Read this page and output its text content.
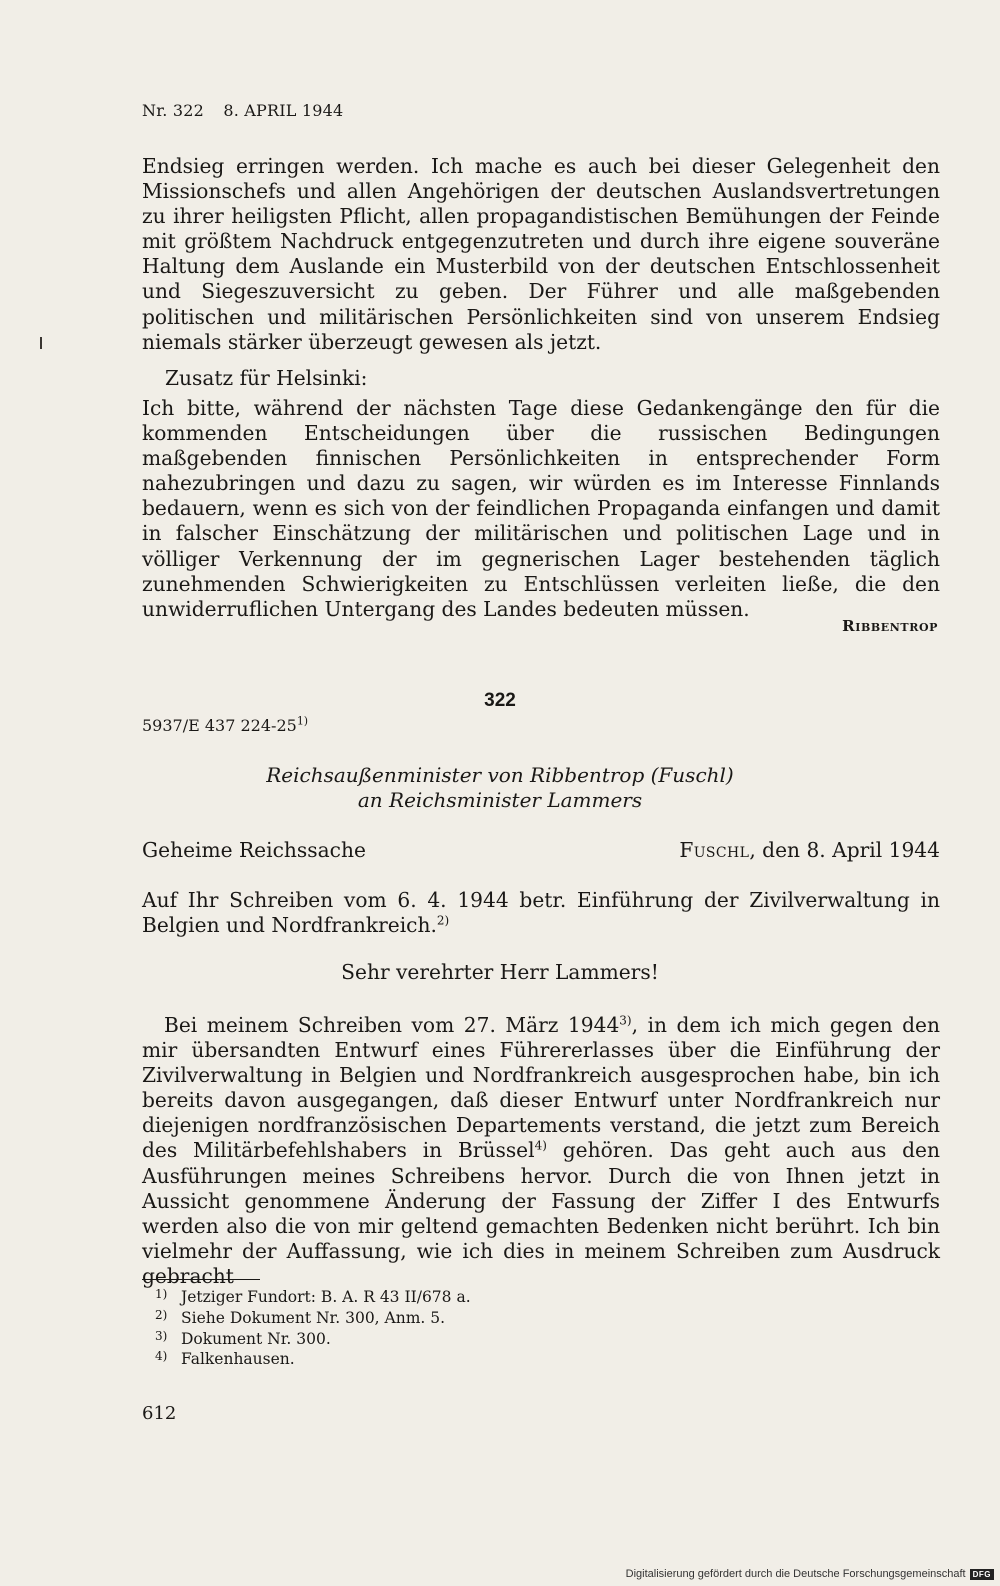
Nr. 322 8. APRIL 1944
Endsieg erringen werden. Ich mache es auch bei dieser Gelegenheit den Missionschefs und allen Angehörigen der deutschen Auslandsvertretungen zu ihrer heiligsten Pflicht, allen propagandistischen Bemühungen der Feinde mit größtem Nachdruck entgegenzutreten und durch ihre eigene souveräne Haltung dem Auslande ein Musterbild von der deutschen Entschlossenheit und Siegeszuversicht zu geben. Der Führer und alle maßgebenden politischen und militärischen Persönlichkeiten sind von unserem Endsieg niemals stärker überzeugt gewesen als jetzt.
Zusatz für Helsinki:
Ich bitte, während der nächsten Tage diese Gedankengänge den für die kommenden Entscheidungen über die russischen Bedingungen maßgebenden finnischen Persönlichkeiten in entsprechender Form nahezubringen und dazu zu sagen, wir würden es im Interesse Finnlands bedauern, wenn es sich von der feindlichen Propaganda einfangen und damit in falscher Einschätzung der militärischen und politischen Lage und in völliger Verkennung der im gegnerischen Lager bestehenden täglich zunehmenden Schwierigkeiten zu Entschlüssen verleiten ließe, die den unwiderruflichen Untergang des Landes bedeuten müssen.
Ribbentrop
322
5937/E 437 224-25$^{1)}$
Reichsaußenminister von Ribbentrop (Fuschl)
an Reichsminister Lammers
Geheime Reichssache	Fuschl, den 8. April 1944
Auf Ihr Schreiben vom 6. 4. 1944 betr. Einführung der Zivilverwaltung in Belgien und Nordfrankreich.$^{2)}$
Sehr verehrter Herr Lammers!
Bei meinem Schreiben vom 27. März 1944$^{3)}$, in dem ich mich gegen den mir übersandten Entwurf eines Führererlasses über die Einführung der Zivilverwaltung in Belgien und Nordfrankreich ausgesprochen habe, bin ich bereits davon ausgegangen, daß dieser Entwurf unter Nordfrankreich nur diejenigen nordfranzösischen Departements verstand, die jetzt zum Bereich des Militärbefehlshabers in Brüssel$^{4)}$ gehören. Das geht auch aus den Ausführungen meines Schreibens hervor. Durch die von Ihnen jetzt in Aussicht genommene Änderung der Fassung der Ziffer I des Entwurfs werden also die von mir geltend gemachten Bedenken nicht berührt. Ich bin vielmehr der Auffassung, wie ich dies in meinem Schreiben zum Ausdruck gebracht
1) Jetziger Fundort: B. A. R 43 II/678 a.
2) Siehe Dokument Nr. 300, Anm. 5.
3) Dokument Nr. 300.
4) Falkenhausen.
612
Digitalisierung gefördert durch die Deutsche Forschungsgemeinschaft DFG
